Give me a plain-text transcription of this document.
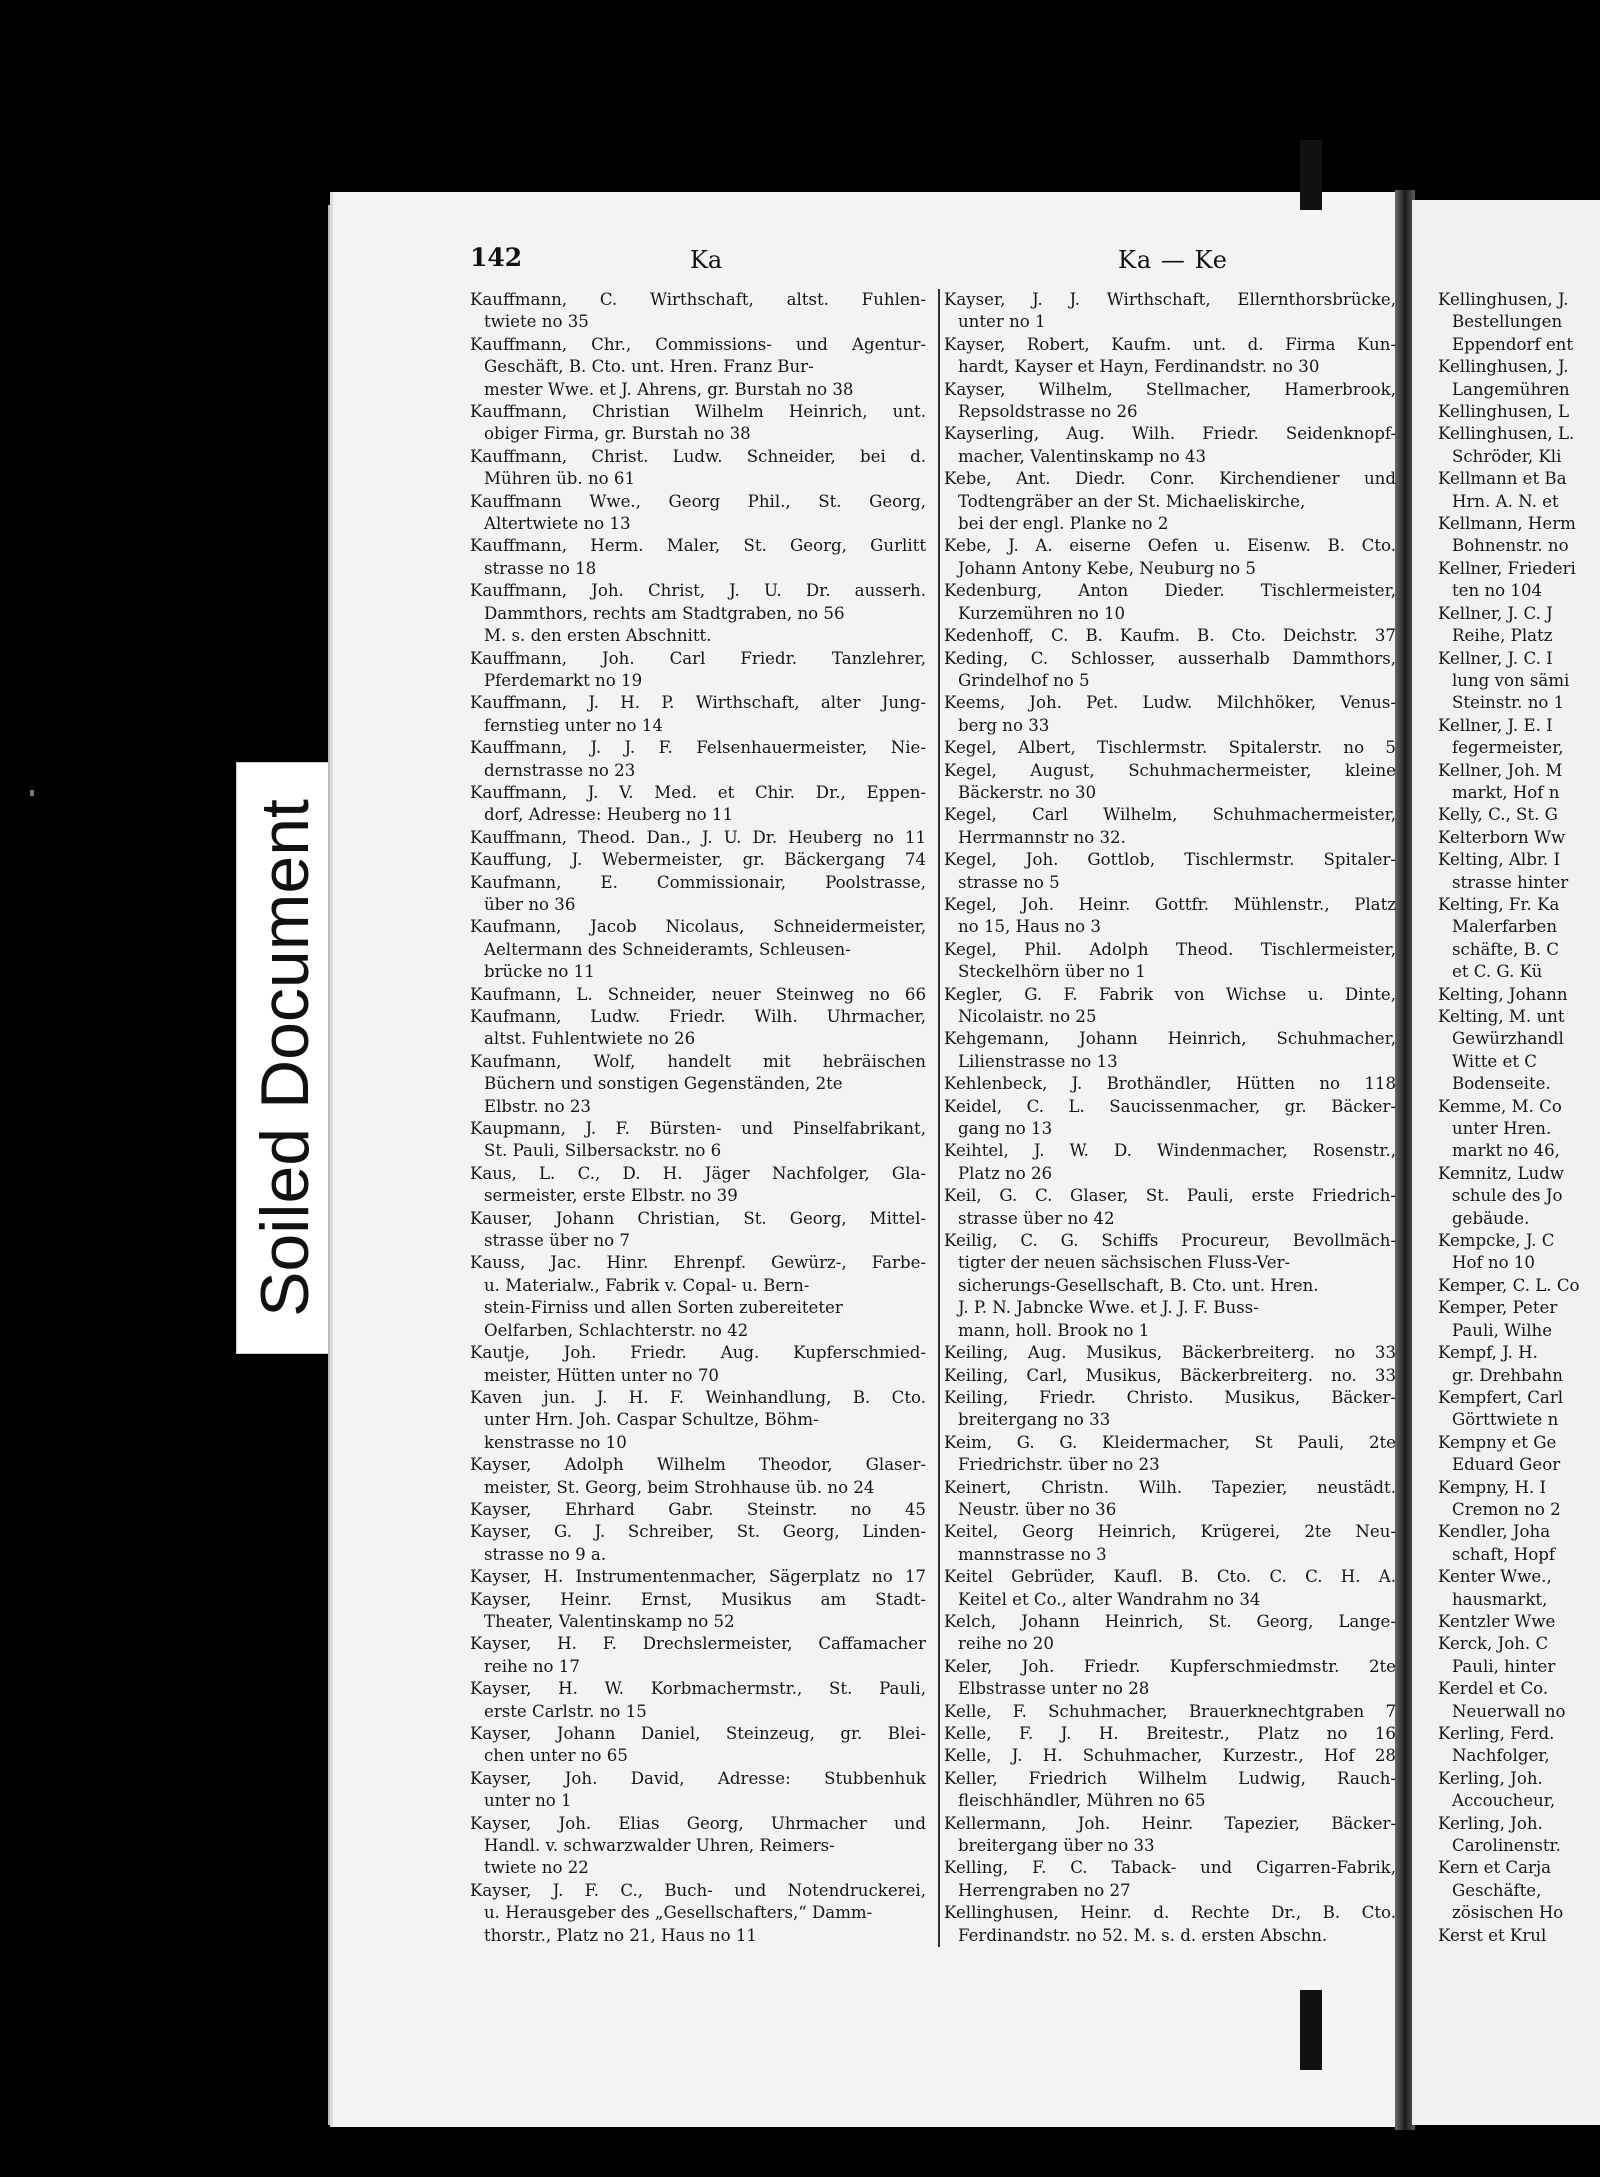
Soiled Document
142	Ka	Ka — Ke
Kauffmann, C. Wirthschaft, altst. Fuhlen-
twiete no 35
Kauffmann, Chr., Commissions- und Agentur-
Geschäft, B. Cto. unt. Hren. Franz Bur-
mester Wwe. et J. Ahrens, gr. Burstah no 38
Kauffmann, Christian Wilhelm Heinrich, unt.
obiger Firma, gr. Burstah no 38
Kauffmann, Christ. Ludw. Schneider, bei d.
Mühren üb. no 61
Kauffmann Wwe., Georg Phil., St. Georg,
Altertwiete no 13
Kauffmann, Herm. Maler, St. Georg, Gurlitt
strasse no 18
Kauffmann, Joh. Christ, J. U. Dr. ausserh.
Dammthors, rechts am Stadtgraben, no 56
M. s. den ersten Abschnitt.
Kauffmann, Joh. Carl Friedr. Tanzlehrer,
Pferdemarkt no 19
Kauffmann, J. H. P. Wirthschaft, alter Jung-
fernstieg unter no 14
Kauffmann, J. J. F. Felsenhauermeister, Nie-
dernstrasse no 23
Kauffmann, J. V. Med. et Chir. Dr., Eppen-
dorf, Adresse: Heuberg no 11
Kauffmann, Theod. Dan., J. U. Dr. Heuberg no 11
Kauffung, J. Webermeister, gr. Bäckergang 74
Kaufmann, E. Commissionair, Poolstrasse,
über no 36
Kaufmann, Jacob Nicolaus, Schneidermeister,
Aeltermann des Schneideramts, Schleusen-
brücke no 11
Kaufmann, L. Schneider, neuer Steinweg no 66
Kaufmann, Ludw. Friedr. Wilh. Uhrmacher,
altst. Fuhlentwiete no 26
Kaufmann, Wolf, handelt mit hebräischen
Büchern und sonstigen Gegenständen, 2te
Elbstr. no 23
Kaupmann, J. F. Bürsten- und Pinselfabrikant,
St. Pauli, Silbersackstr. no 6
Kaus, L. C., D. H. Jäger Nachfolger, Gla-
sermeister, erste Elbstr. no 39
Kauser, Johann Christian, St. Georg, Mittel-
strasse über no 7
Kauss, Jac. Hinr. Ehrenpf. Gewürz-, Farbe-
u. Materialw., Fabrik v. Copal- u. Bern-
stein-Firniss und allen Sorten zubereiteter
Oelfarben, Schlachterstr. no 42
Kautje, Joh. Friedr. Aug. Kupferschmied-
meister, Hütten unter no 70
Kaven jun. J. H. F. Weinhandlung, B. Cto.
unter Hrn. Joh. Caspar Schultze, Böhm-
kenstrasse no 10
Kayser, Adolph Wilhelm Theodor, Glaser-
meister, St. Georg, beim Strohhause üb. no 24
Kayser, Ehrhard Gabr. Steinstr. no 45
Kayser, G. J. Schreiber, St. Georg, Linden-
strasse no 9 a.
Kayser, H. Instrumentenmacher, Sägerplatz no 17
Kayser, Heinr. Ernst, Musikus am Stadt-
Theater, Valentinskamp no 52
Kayser, H. F. Drechslermeister, Caffamacher
reihe no 17
Kayser, H. W. Korbmachermstr., St. Pauli,
erste Carlstr. no 15
Kayser, Johann Daniel, Steinzeug, gr. Blei-
chen unter no 65
Kayser, Joh. David, Adresse: Stubbenhuk
unter no 1
Kayser, Joh. Elias Georg, Uhrmacher und
Handl. v. schwarzwalder Uhren, Reimers-
twiete no 22
Kayser, J. F. C., Buch- und Notendruckerei,
u. Herausgeber des „Gesellschafters,“ Damm-
thorstr., Platz no 21, Haus no 11
Kayser, J. J. Wirthschaft, Ellernthorsbrücke,
unter no 1
Kayser, Robert, Kaufm. unt. d. Firma Kun-
hardt, Kayser et Hayn, Ferdinandstr. no 30
Kayser, Wilhelm, Stellmacher, Hamerbrook,
Repsoldstrasse no 26
Kayserling, Aug. Wilh. Friedr. Seidenknopf-
macher, Valentinskamp no 43
Kebe, Ant. Diedr. Conr. Kirchendiener und
Todtengräber an der St. Michaeliskirche,
bei der engl. Planke no 2
Kebe, J. A. eiserne Oefen u. Eisenw. B. Cto.
Johann Antony Kebe, Neuburg no 5
Kedenburg, Anton Dieder. Tischlermeister,
Kurzemühren no 10
Kedenhoff, C. B. Kaufm. B. Cto. Deichstr. 37
Keding, C. Schlosser, ausserhalb Dammthors,
Grindelhof no 5
Keems, Joh. Pet. Ludw. Milchhöker, Venus-
berg no 33
Kegel, Albert, Tischlermstr. Spitalerstr. no 5
Kegel, August, Schuhmachermeister, kleine
Bäckerstr. no 30
Kegel, Carl Wilhelm, Schuhmachermeister,
Herrmannstr no 32.
Kegel, Joh. Gottlob, Tischlermstr. Spitaler-
strasse no 5
Kegel, Joh. Heinr. Gottfr. Mühlenstr., Platz
no 15, Haus no 3
Kegel, Phil. Adolph Theod. Tischlermeister,
Steckelhörn über no 1
Kegler, G. F. Fabrik von Wichse u. Dinte,
Nicolaistr. no 25
Kehgemann, Johann Heinrich, Schuhmacher,
Lilienstrasse no 13
Kehlenbeck, J. Brothändler, Hütten no 118
Keidel, C. L. Saucissenmacher, gr. Bäcker-
gang no 13
Keihtel, J. W. D. Windenmacher, Rosenstr.,
Platz no 26
Keil, G. C. Glaser, St. Pauli, erste Friedrich-
strasse über no 42
Keilig, C. G. Schiffs Procureur, Bevollmäch-
tigter der neuen sächsischen Fluss-Ver-
sicherungs-Gesellschaft, B. Cto. unt. Hren.
J. P. N. Jabncke Wwe. et J. J. F. Buss-
mann, holl. Brook no 1
Keiling, Aug. Musikus, Bäckerbreiterg. no 33
Keiling, Carl, Musikus, Bäckerbreiterg. no. 33
Keiling, Friedr. Christo. Musikus, Bäcker-
breitergang no 33
Keim, G. G. Kleidermacher, St Pauli, 2te
Friedrichstr. über no 23
Keinert, Christn. Wilh. Tapezier, neustädt.
Neustr. über no 36
Keitel, Georg Heinrich, Krügerei, 2te Neu-
mannstrasse no 3
Keitel Gebrüder, Kaufl. B. Cto. C. C. H. A.
Keitel et Co., alter Wandrahm no 34
Kelch, Johann Heinrich, St. Georg, Lange-
reihe no 20
Keler, Joh. Friedr. Kupferschmiedmstr. 2te
Elbstrasse unter no 28
Kelle, F. Schuhmacher, Brauerknechtgraben 7
Kelle, F. J. H. Breitestr., Platz no 16
Kelle, J. H. Schuhmacher, Kurzestr., Hof 28
Keller, Friedrich Wilhelm Ludwig, Rauch-
fleischhändler, Mühren no 65
Kellermann, Joh. Heinr. Tapezier, Bäcker-
breitergang über no 33
Kelling, F. C. Taback- und Cigarren-Fabrik,
Herrengraben no 27
Kellinghusen, Heinr. d. Rechte Dr., B. Cto.
Ferdinandstr. no 52. M. s. d. ersten Abschn.
Kellinghusen, J.
Bestellungen
Eppendorf ent
Kellinghusen, J.
Langemühren
Kellinghusen, L
Kellinghusen, L.
Schröder, Kli
Kellmann et Ba
Hrn. A. N. et
Kellmann, Herm
Bohnenstr. no
Kellner, Friederi
ten no 104
Kellner, J. C. J
Reihe, Platz
Kellner, J. C. I
lung von sämi
Steinstr. no 1
Kellner, J. E. I
fegermeister,
Kellner, Joh. M
markt, Hof n
Kelly, C., St. G
Kelterborn Ww
Kelting, Albr. I
strasse hinter
Kelting, Fr. Ka
Malerfarben
schäfte, B. C
et C. G. Kü
Kelting, Johann
Kelting, M. unt
Gewürzhandl
Witte et C
Bodenseite.
Kemme, M. Co
unter Hren.
markt no 46,
Kemnitz, Ludw
schule des Jo
gebäude.
Kempcke, J. C
Hof no 10
Kemper, C. L. Co
Kemper, Peter
Pauli, Wilhe
Kempf, J. H.
gr. Drehbahn
Kempfert, Carl
Görttwiete n
Kempny et Ge
Eduard Geor
Kempny, H. I
Cremon no 2
Kendler, Joha
schaft, Hopf
Kenter Wwe.,
hausmarkt,
Kentzler Wwe
Kerck, Joh. C
Pauli, hinter
Kerdel et Co.
Neuerwall no
Kerling, Ferd.
Nachfolger,
Kerling, Joh.
Accoucheur,
Kerling, Joh.
Carolinenstr.
Kern et Carja
Geschäfte,
zösischen Ho
Kerst et Krul
